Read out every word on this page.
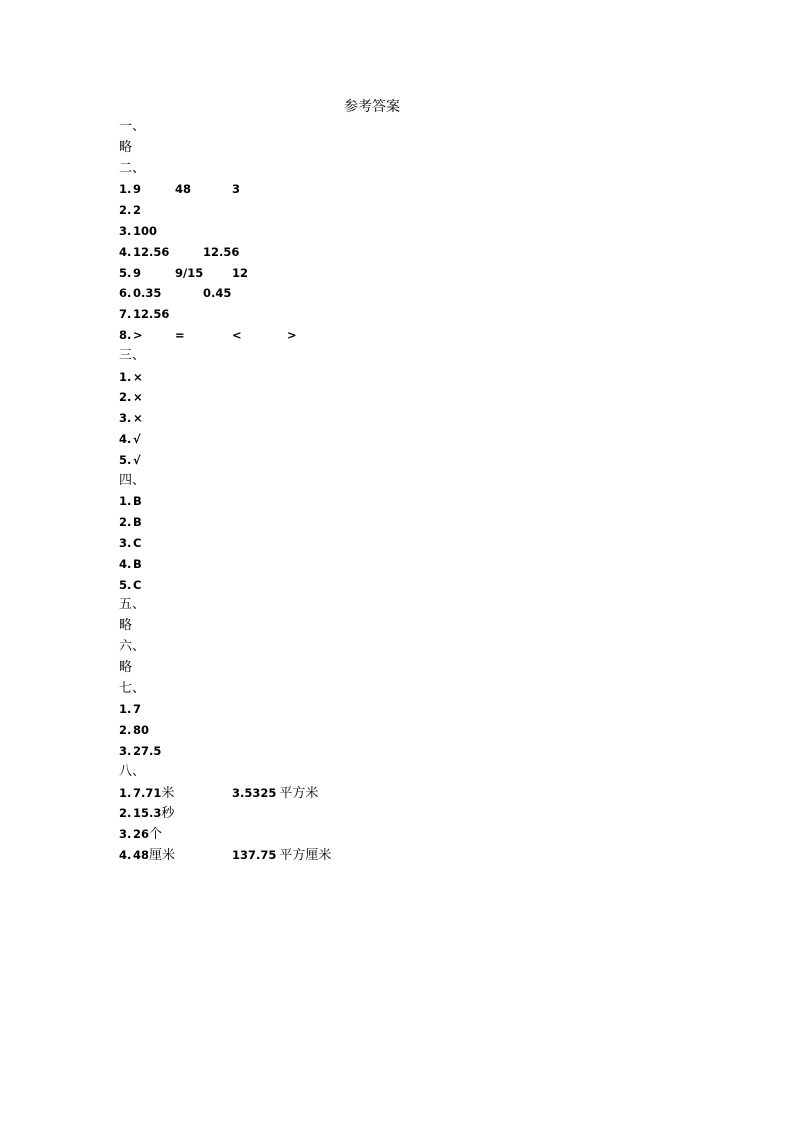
参考答案
一、
略
二、
1. 9	48	3
2. 2
3. 100
4. 12.56	12.56
5. 9	9/15	12
6. 0.35	0.45
7. 12.56
8. >	=	<	>
三、
1. ×
2. ×
3. ×
4. √
5. √
四、
1. B
2. B
3. C
4. B
5. C
五、
略
六、
略
七、
1. 7
2. 80
3. 27.5
八、
1. 7.71米	3.5325 平方米
2. 15.3秒
3. 26个
4. 48厘米	137.75 平方厘米
